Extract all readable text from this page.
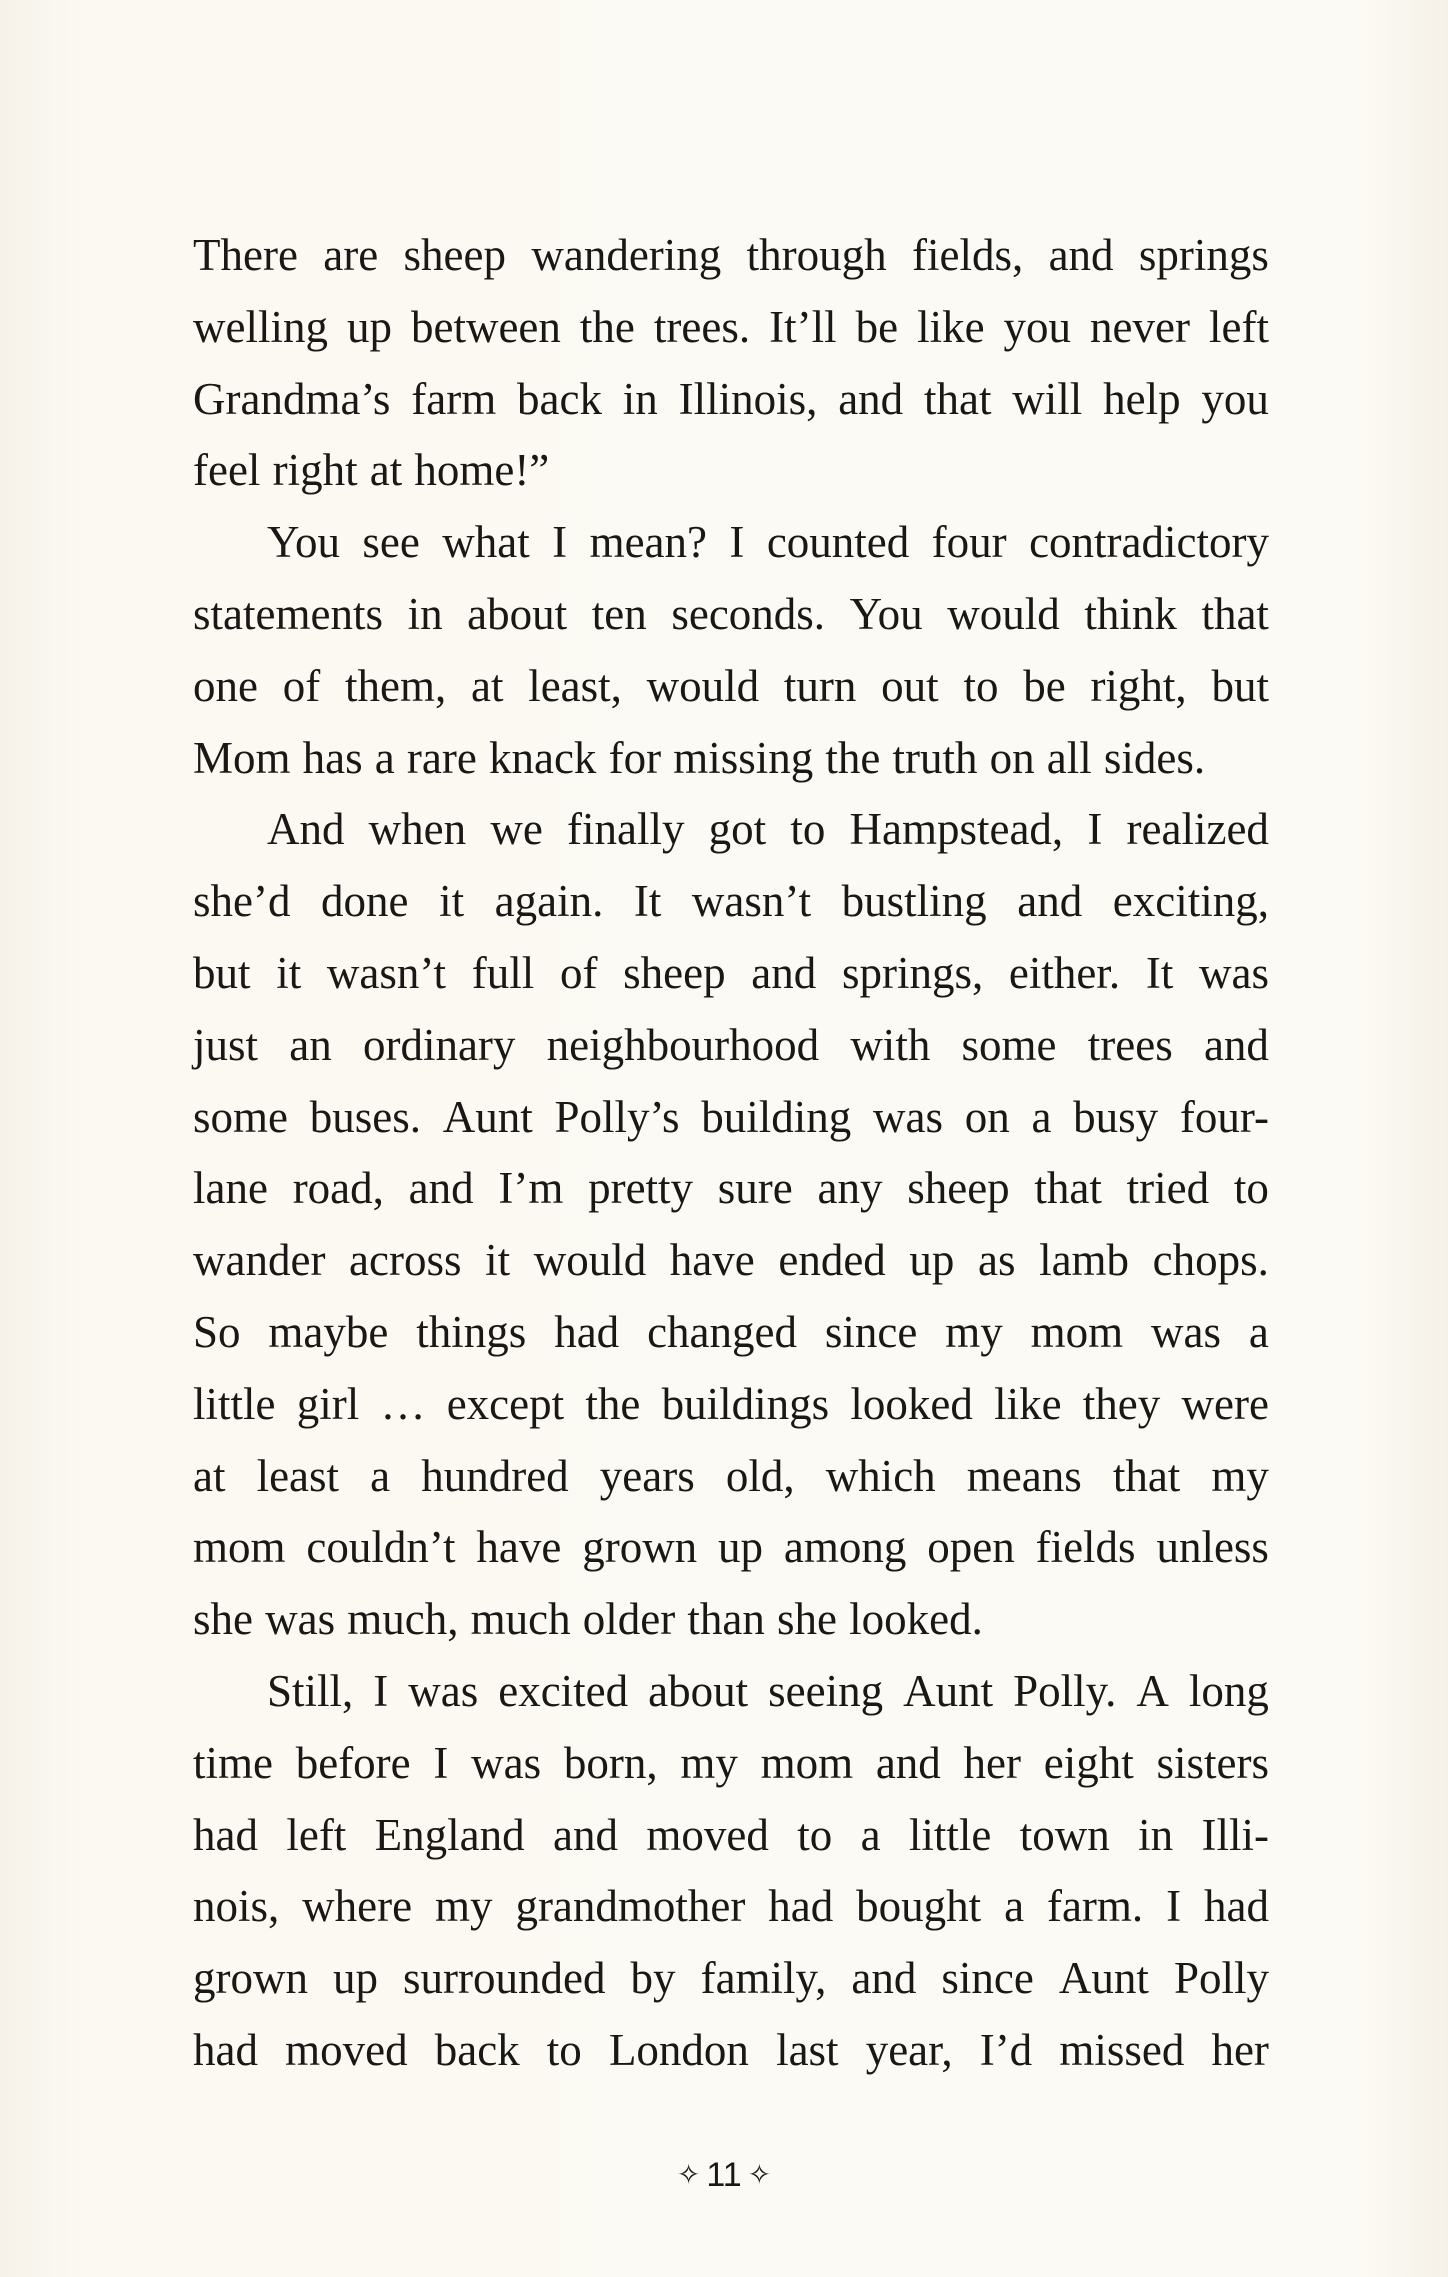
There are sheep wandering through fields, and springs
welling up between the trees. It’ll be like you never left
Grandma’s farm back in Illinois, and that will help you
feel right at home!”
You see what I mean? I counted four contradictory
statements in about ten seconds. You would think that
one of them, at least, would turn out to be right, but
Mom has a rare knack for missing the truth on all sides.
And when we finally got to Hampstead, I realized
she’d done it again. It wasn’t bustling and exciting,
but it wasn’t full of sheep and springs, either. It was
just an ordinary neighbourhood with some trees and
some buses. Aunt Polly’s building was on a busy four-
lane road, and I’m pretty sure any sheep that tried to
wander across it would have ended up as lamb chops.
So maybe things had changed since my mom was a
little girl … except the buildings looked like they were
at least a hundred years old, which means that my
mom couldn’t have grown up among open fields unless
she was much, much older than she looked.
Still, I was excited about seeing Aunt Polly. A long
time before I was born, my mom and her eight sisters
had left England and moved to a little town in Illi-
nois, where my grandmother had bought a farm. I had
grown up surrounded by family, and since Aunt Polly
had moved back to London last year, I’d missed her
✧ 11 ✧
